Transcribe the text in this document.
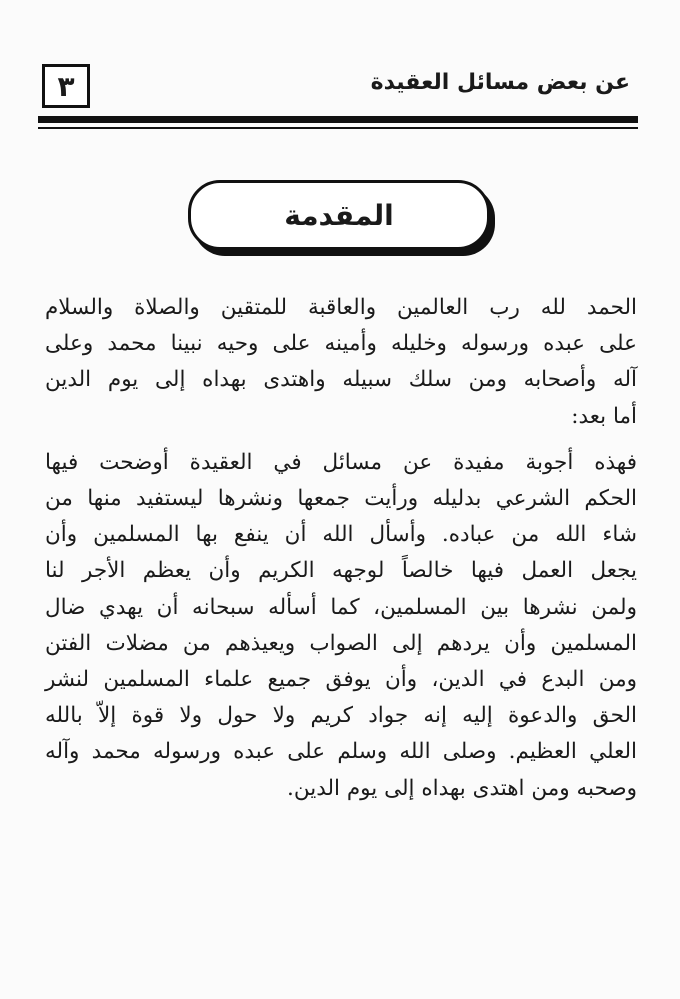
عن بعض مسائل العقيدة
٣
المقدمة
الحمد لله رب العالمين والعاقبة للمتقين والصلاة والسلام
على عبده ورسوله وخليله وأمينه على وحيه نبينا محمد وعلى
آله وأصحابه ومن سلك سبيله واهتدى بهداه إلى يوم الدين
أما بعد:
فهذه أجوبة مفيدة عن مسائل في العقيدة أوضحت فيها
الحكم الشرعي بدليله ورأيت جمعها ونشرها ليستفيد منها من
شاء الله من عباده. وأسأل الله أن ينفع بها المسلمين وأن
يجعل العمل فيها خالصاً لوجهه الكريم وأن يعظم الأجر لنا
ولمن نشرها بين المسلمين، كما أسأله سبحانه أن يهدي ضال
المسلمين وأن يردهم إلى الصواب ويعيذهم من مضلات الفتن
ومن البدع في الدين، وأن يوفق جميع علماء المسلمين لنشر
الحق والدعوة إليه إنه جواد كريم ولا حول ولا قوة إلاّ بالله
العلي العظيم. وصلى الله وسلم على عبده ورسوله محمد وآله
وصحبه ومن اهتدى بهداه إلى يوم الدين.
